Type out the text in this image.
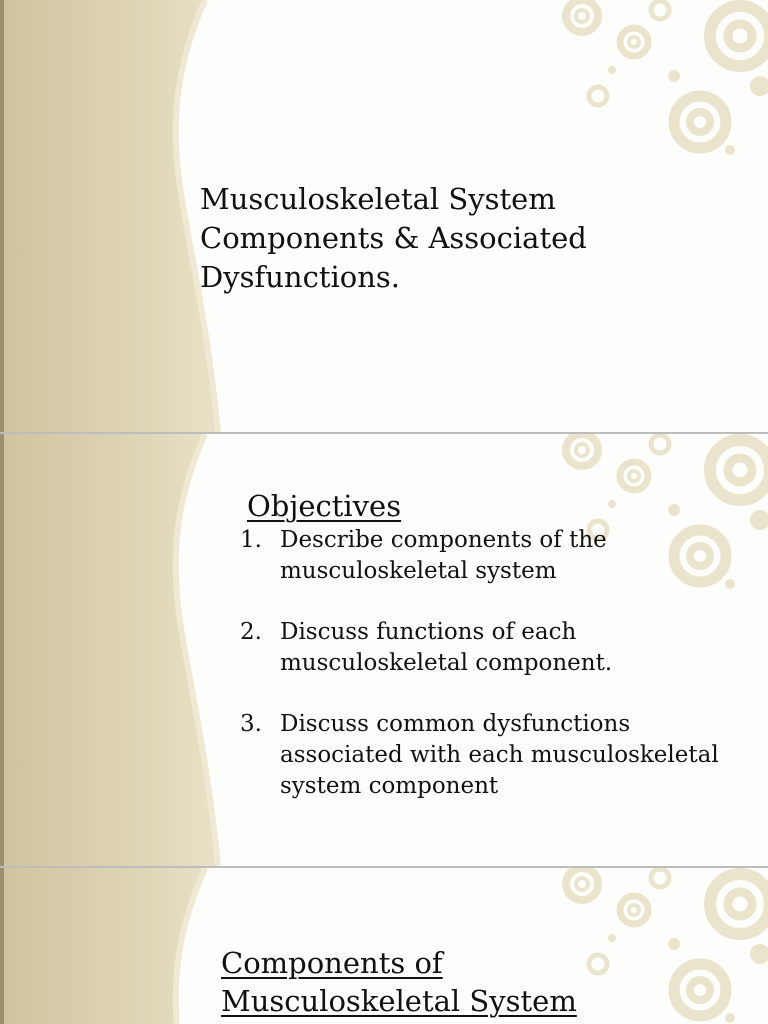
Musculoskeletal System Components & Associated Dysfunctions.
Objectives
1. Describe components of the musculoskeletal system
2. Discuss functions of each musculoskeletal component.
3. Discuss common dysfunctions associated with each musculoskeletal system component
Components of
Musculoskeletal System
